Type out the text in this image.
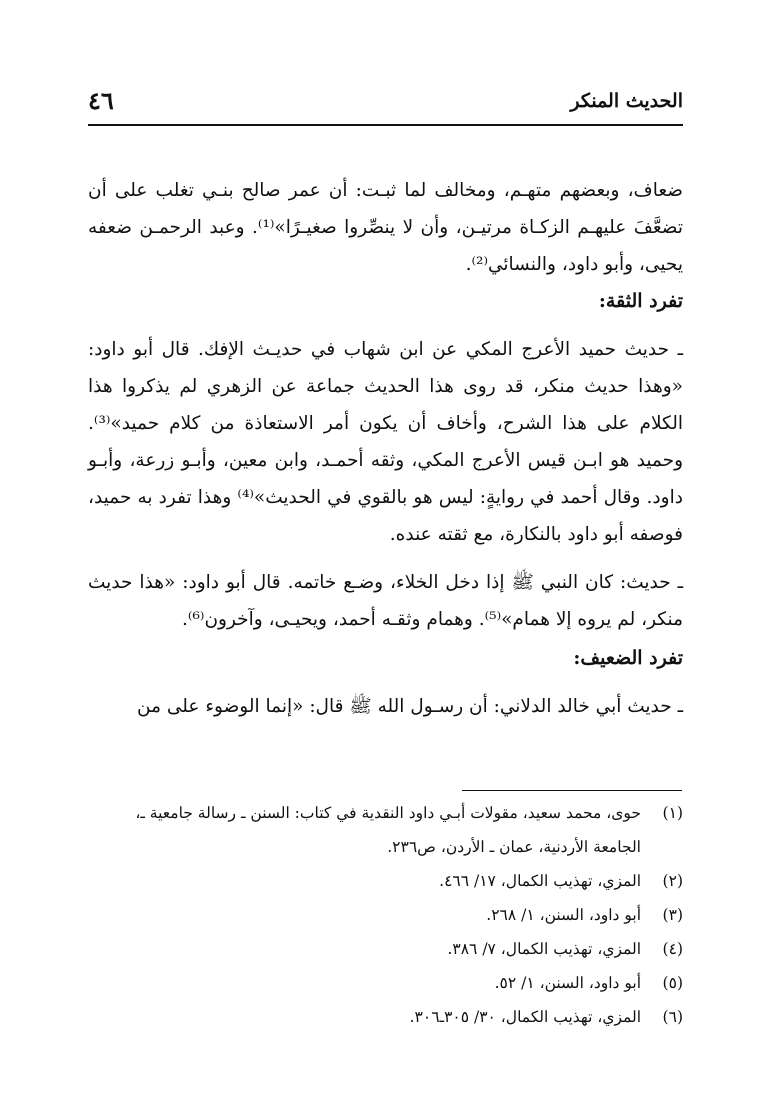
الحديث المنكر
٤٦

ضعاف، وبعضهم متهـم، ومخالف لما ثبـت: أن عمر صالح بنـي تغلب على أن تضعَّفَ عليهـم الزكـاة مرتيـن، وأن لا ينصِّروا صغيـرًا»⁽¹⁾. وعبد الرحمـن ضعفه يحيى، وأبو داود، والنسائي⁽²⁾.

تفرد الثقة:

ـ حديث حميد الأعرج المكي عن ابن شهاب في حديـث الإفك. قال أبو داود: «وهذا حديث منكر، قد روى هذا الحديث جماعة عن الزهري لم يذكروا هذا الكلام على هذا الشرح، وأخاف أن يكون أمر الاستعاذة من كلام حميد»⁽³⁾. وحميد هو ابـن قيس الأعرج المكي، وثقه أحمـد، وابن معين، وأبـو زرعة، وأبـو داود. وقال أحمد في روايةٍ: ليس هو بالقوي في الحديث»⁽⁴⁾ وهذا تفرد به حميد، فوصفه أبو داود بالنكارة، مع ثقته عنده.

ـ حديث: كان النبي ﷺ إذا دخل الخلاء، وضـع خاتمه. قال أبو داود: «هذا حديث منكر، لم يروه إلا همام»⁽⁵⁾. وهمام وثقـه أحمد، ويحيـى، وآخرون⁽⁶⁾.

تفرد الضعيف:

ـ حديث أبي خالد الدلاني: أن رسـول الله ﷺ قال: «إنما الوضوء على من

(١)
حوى، محمد سعيد، مقولات أبـي داود النقدية في كتاب: السنن ـ رسالة جامعية ـ، الجامعة الأردنية، عمان ـ الأردن، ص٢٣٦.
(٢)
المزي، تهذيب الكمال، ١٧/ ٤٦٦.
(٣)
أبو داود، السنن، ١/ ٢٦٨.
(٤)
المزي، تهذيب الكمال، ٧/ ٣٨٦.
(٥)
أبو داود، السنن، ١/ ٥٢.
(٦)
المزي، تهذيب الكمال، ٣٠/ ٣٠٥ـ٣٠٦.
